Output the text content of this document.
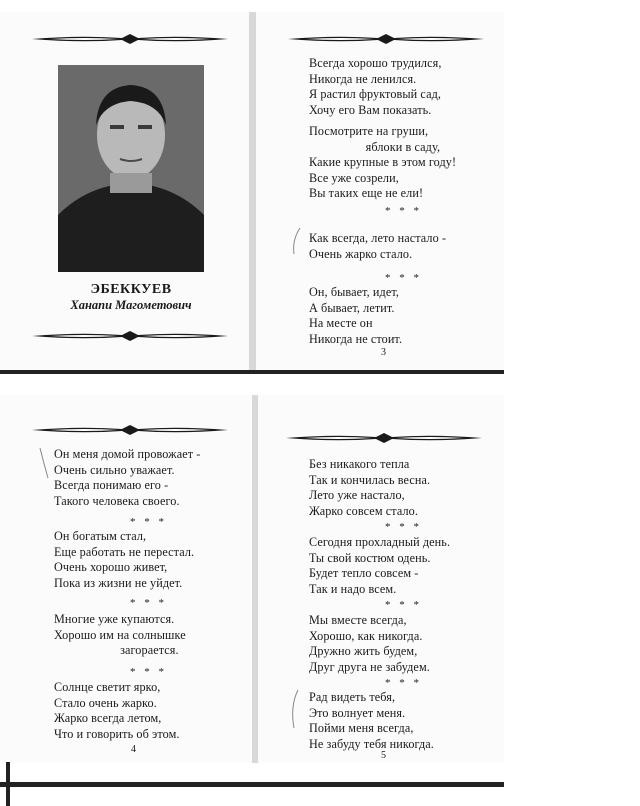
ЭБЕККУЕВ
Ханапи Магометович
Всегда хорошо трудился,
Никогда не ленился.
Я растил фруктовый сад,
Хочу его Вам показать.
Посмотрите на груши,
яблоки в саду,
Какие крупные в этом году!
Все уже созрели,
Вы таких еще не ели!
* * *
Как всегда, лето настало -
Очень жарко стало.
* * *
Он, бывает, идет,
А бывает, летит.
На месте он
Никогда не стоит.
3
Он меня домой провожает -
Очень сильно уважает.
Всегда понимаю его -
Такого человека своего.
* * *
Он богатым стал,
Еще работать не перестал.
Очень хорошо живет,
Пока из жизни не уйдет.
* * *
Многие уже купаются.
Хорошо им на солнышке
загорается.
* * *
Солнце светит ярко,
Стало очень жарко.
Жарко всегда летом,
Что и говорить об этом.
4
Без никакого тепла
Так и кончилась весна.
Лето уже настало,
Жарко совсем стало.
* * *
Сегодня прохладный день.
Ты свой костюм одень.
Будет тепло совсем -
Так и надо всем.
* * *
Мы вместе всегда,
Хорошо, как никогда.
Дружно жить будем,
Друг друга не забудем.
* * *
Рад видеть тебя,
Это волнует меня.
Пойми меня всегда,
Не забуду тебя никогда.
5
